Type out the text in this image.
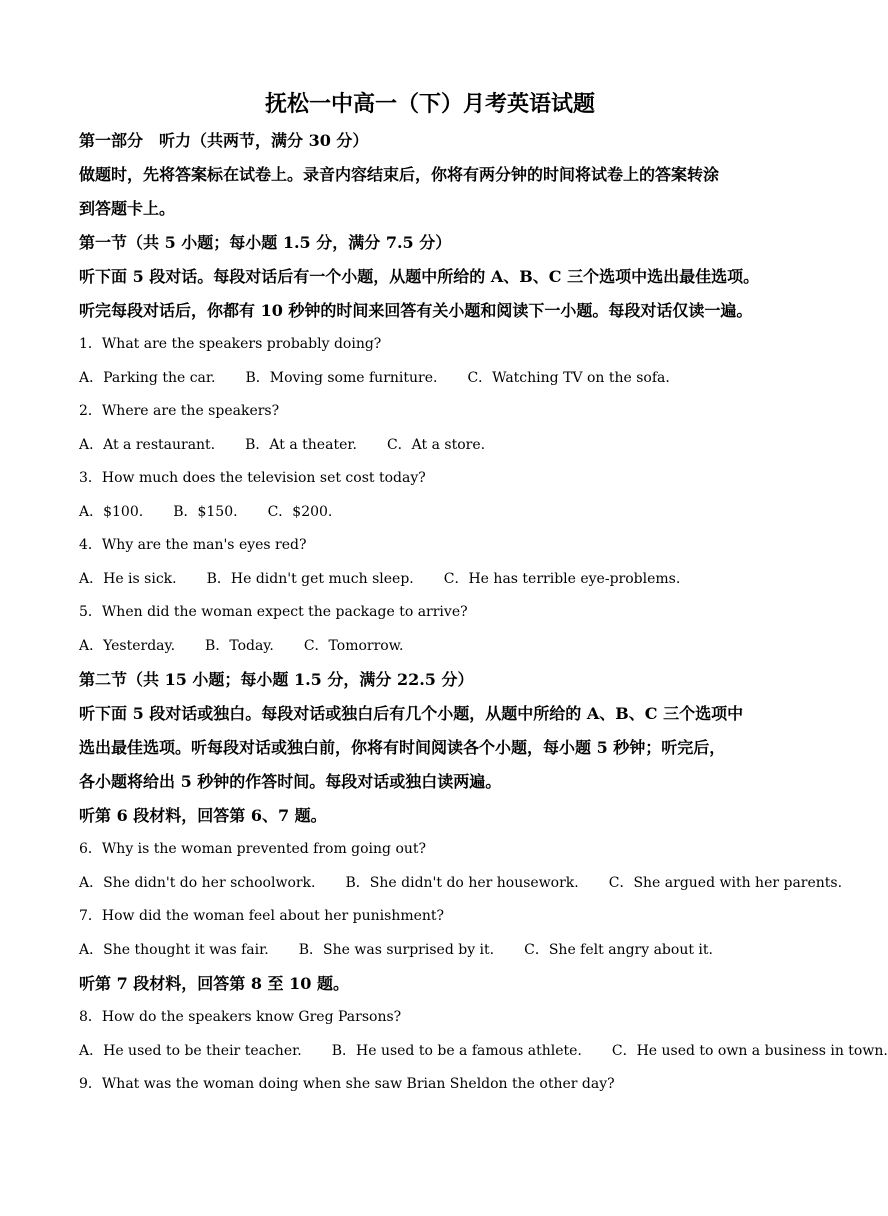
抚松一中高一（下）月考英语试题
第一部分　听力（共两节，满分 30 分）
做题时，先将答案标在试卷上。录音内容结束后，你将有两分钟的时间将试卷上的答案转涂
到答题卡上。
第一节（共 5 小题；每小题 1.5 分，满分 7.5 分）
听下面 5 段对话。每段对话后有一个小题，从题中所给的 A、B、C 三个选项中选出最佳选项。
听完每段对话后，你都有 10 秒钟的时间来回答有关小题和阅读下一小题。每段对话仅读一遍。
1．What are the speakers probably doing?
A．Parking the car. B．Moving some furniture. C．Watching TV on the sofa.
2．Where are the speakers?
A．At a restaurant. B．At a theater. C．At a store.
3．How much does the television set cost today?
A．$100. B．$150. C．$200.
4．Why are the man's eyes red?
A．He is sick. B．He didn't get much sleep. C．He has terrible eye-problems.
5．When did the woman expect the package to arrive?
A．Yesterday. B．Today. C．Tomorrow.
第二节（共 15 小题；每小题 1.5 分，满分 22.5 分）
听下面 5 段对话或独白。每段对话或独白后有几个小题，从题中所给的 A、B、C 三个选项中
选出最佳选项。听每段对话或独白前，你将有时间阅读各个小题，每小题 5 秒钟；听完后，
各小题将给出 5 秒钟的作答时间。每段对话或独白读两遍。
听第 6 段材料，回答第 6、7 题。
6．Why is the woman prevented from going out?
A．She didn't do her schoolwork. B．She didn't do her housework. C．She argued with her parents.
7．How did the woman feel about her punishment?
A．She thought it was fair. B．She was surprised by it. C．She felt angry about it.
听第 7 段材料，回答第 8 至 10 题。
8．How do the speakers know Greg Parsons?
A．He used to be their teacher. B．He used to be a famous athlete. C．He used to own a business in town.
9．What was the woman doing when she saw Brian Sheldon the other day?
